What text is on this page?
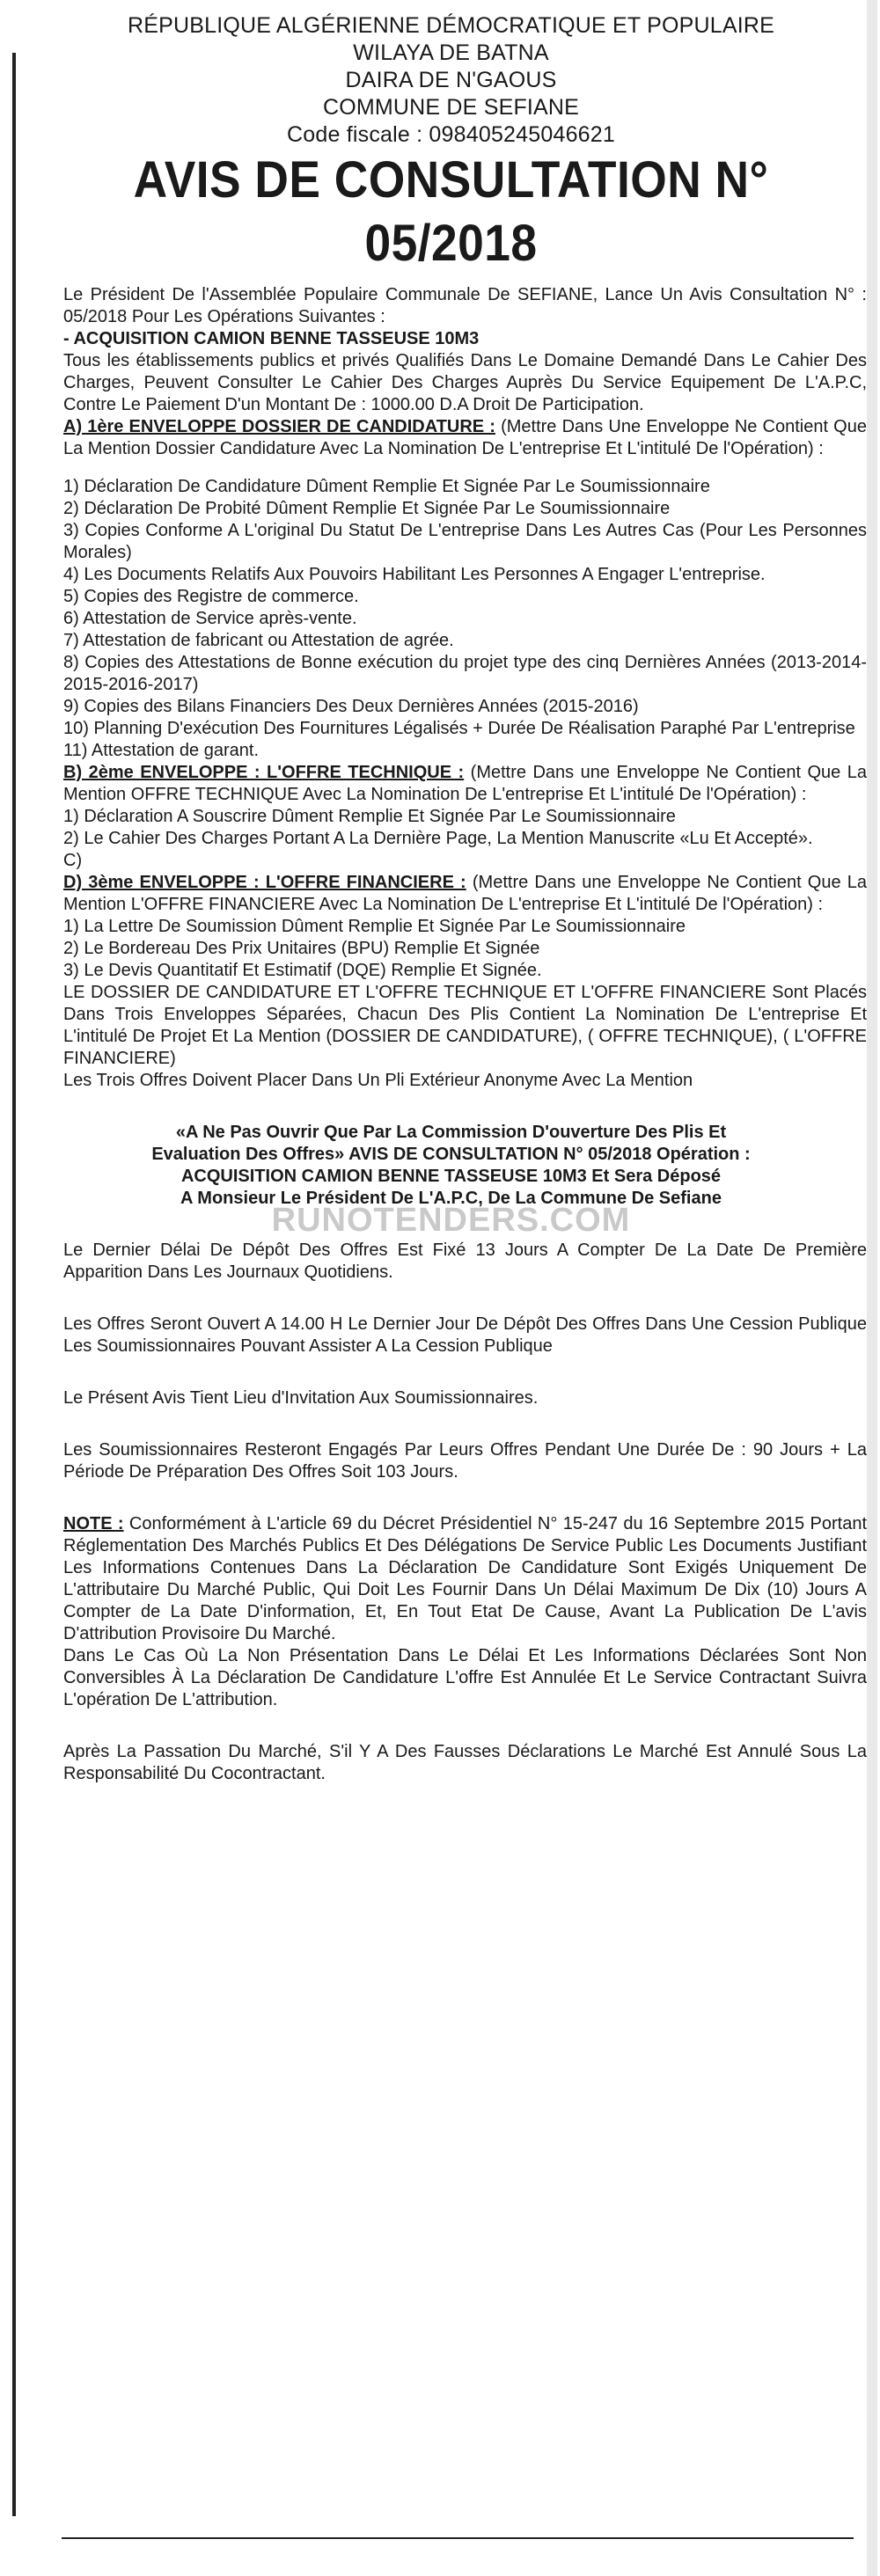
RÉPUBLIQUE ALGÉRIENNE DÉMOCRATIQUE ET POPULAIRE
WILAYA DE BATNA
DAIRA DE N'GAOUS
COMMUNE DE SEFIANE
Code fiscale : 098405245046621
AVIS DE CONSULTATION N° 05/2018

Le Président De l'Assemblée Populaire Communale De SEFIANE, Lance Un Avis Consultation N° : 05/2018 Pour Les Opérations Suivantes :

- ACQUISITION CAMION BENNE TASSEUSE 10M3

Tous les établissements publics et privés Qualifiés Dans Le Domaine Demandé Dans Le Cahier Des Charges, Peuvent Consulter Le Cahier Des Charges Auprès Du Service Equipement De L'A.P.C, Contre Le Paiement D'un Montant De : 1000.00 D.A Droit De Participation.

A) 1ère ENVELOPPE DOSSIER DE CANDIDATURE : (Mettre Dans Une Enveloppe Ne Contient Que La Mention Dossier Candidature Avec La Nomination De L'entreprise Et L'intitulé De l'Opération) :

1) Déclaration De Candidature Dûment Remplie Et Signée Par Le Soumissionnaire

2) Déclaration De Probité Dûment Remplie Et Signée Par Le Soumissionnaire

3) Copies Conforme A L'original Du Statut De L'entreprise Dans Les Autres Cas (Pour Les Personnes Morales)

4) Les Documents Relatifs Aux Pouvoirs Habilitant Les Personnes A Engager L'entreprise.

5) Copies des Registre de commerce.

6) Attestation de Service après-vente.

7) Attestation de fabricant ou Attestation de agrée.

8) Copies des Attestations de Bonne exécution du projet type des cinq Dernières Années (2013-2014-2015-2016-2017)

9) Copies des Bilans Financiers Des Deux Dernières Années (2015-2016)

10) Planning D'exécution Des Fournitures Légalisés + Durée De Réalisation Paraphé Par L'entreprise

11) Attestation de garant.

B) 2ème ENVELOPPE : L'OFFRE TECHNIQUE : (Mettre Dans une Enveloppe Ne Contient Que La Mention OFFRE TECHNIQUE Avec La Nomination De L'entreprise Et L'intitulé De l'Opération) :

1) Déclaration A Souscrire Dûment Remplie Et Signée Par Le Soumissionnaire

2) Le Cahier Des Charges Portant A La Dernière Page, La Mention Manuscrite «Lu Et Accepté».

C)

D) 3ème ENVELOPPE : L'OFFRE FINANCIERE : (Mettre Dans une Enveloppe Ne Contient Que La Mention L'OFFRE FINANCIERE Avec La Nomination De L'entreprise Et L'intitulé De l'Opération) :

1) La Lettre De Soumission Dûment Remplie Et Signée Par Le Soumissionnaire

2) Le Bordereau Des Prix Unitaires (BPU) Remplie Et Signée

3) Le Devis Quantitatif Et Estimatif (DQE) Remplie Et Signée.

LE DOSSIER DE CANDIDATURE ET L'OFFRE TECHNIQUE ET L'OFFRE FINANCIERE Sont Placés Dans Trois Enveloppes Séparées, Chacun Des Plis Contient La Nomination De L'entreprise Et L'intitulé De Projet Et La Mention (DOSSIER DE CANDIDATURE), ( OFFRE TECHNIQUE), ( L'OFFRE FINANCIERE)

Les Trois Offres Doivent Placer Dans Un Pli Extérieur Anonyme Avec La Mention

«A Ne Pas Ouvrir Que Par La Commission D'ouverture Des Plis Et

Evaluation Des Offres» AVIS DE CONSULTATION N° 05/2018 Opération :

ACQUISITION CAMION BENNE TASSEUSE 10M3 Et Sera Déposé

A Monsieur Le Président De L'A.P.C, De La Commune De Sefiane

Le Dernier Délai De Dépôt Des Offres Est Fixé 13 Jours A Compter De La Date De Première Apparition Dans Les Journaux Quotidiens.

Les Offres Seront Ouvert A 14.00 H Le Dernier Jour De Dépôt Des Offres Dans Une Cession Publique Les Soumissionnaires Pouvant Assister A La Cession Publique

Le Présent Avis Tient Lieu d'Invitation Aux Soumissionnaires.

Les Soumissionnaires Resteront Engagés Par Leurs Offres Pendant Une Durée De : 90 Jours + La Période De Préparation Des Offres Soit 103 Jours.

NOTE : Conformément à L'article 69 du Décret Présidentiel N° 15-247 du 16 Septembre 2015 Portant Réglementation Des Marchés Publics Et Des Délégations De Service Public Les Documents Justifiant Les Informations Contenues Dans La Déclaration De Candidature Sont Exigés Uniquement De L'attributaire Du Marché Public, Qui Doit Les Fournir Dans Un Délai Maximum De Dix (10) Jours A Compter de La Date D'information, Et, En Tout Etat De Cause, Avant La Publication De L'avis D'attribution Provisoire Du Marché.

Dans Le Cas Où La Non Présentation Dans Le Délai Et Les Informations Déclarées Sont Non Conversibles À La Déclaration De Candidature L'offre Est Annulée Et Le Service Contractant Suivra L'opération De L'attribution.

Après La Passation Du Marché, S'il Y A Des Fausses Déclarations Le Marché Est Annulé Sous La Responsabilité Du Cocontractant.

RUNOTENDERS.COM
